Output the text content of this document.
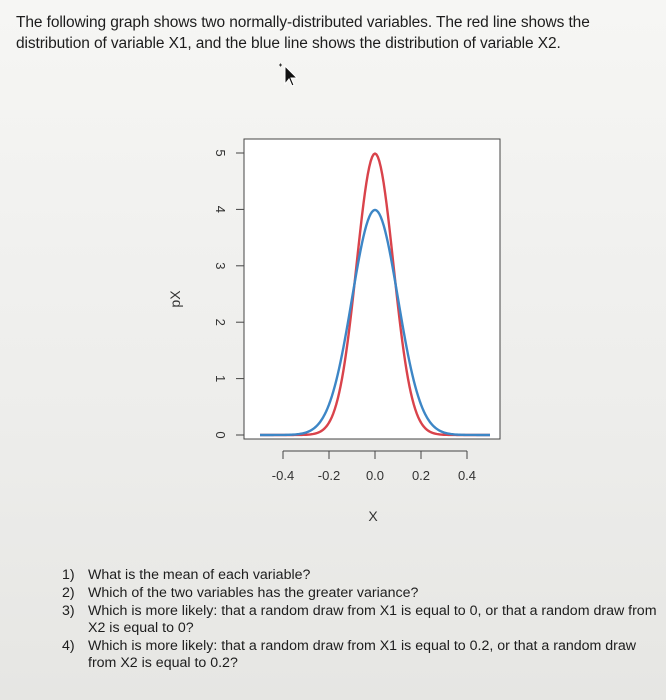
The following graph shows two normally-distributed variables. The red line shows the
distribution of variable X1, and the blue line shows the distribution of variable X2.
0
1
2
3
4
5
-0.4 -0.2 0.0 0.2 0.4
X
pX
1) What is the mean of each variable?
2) Which of the two variables has the greater variance?
3) Which is more likely: that a random draw from X1 is equal to 0, or that a random draw from X2 is equal to 0?
4) Which is more likely: that a random draw from X1 is equal to 0.2, or that a random draw from X2 is equal to 0.2?
